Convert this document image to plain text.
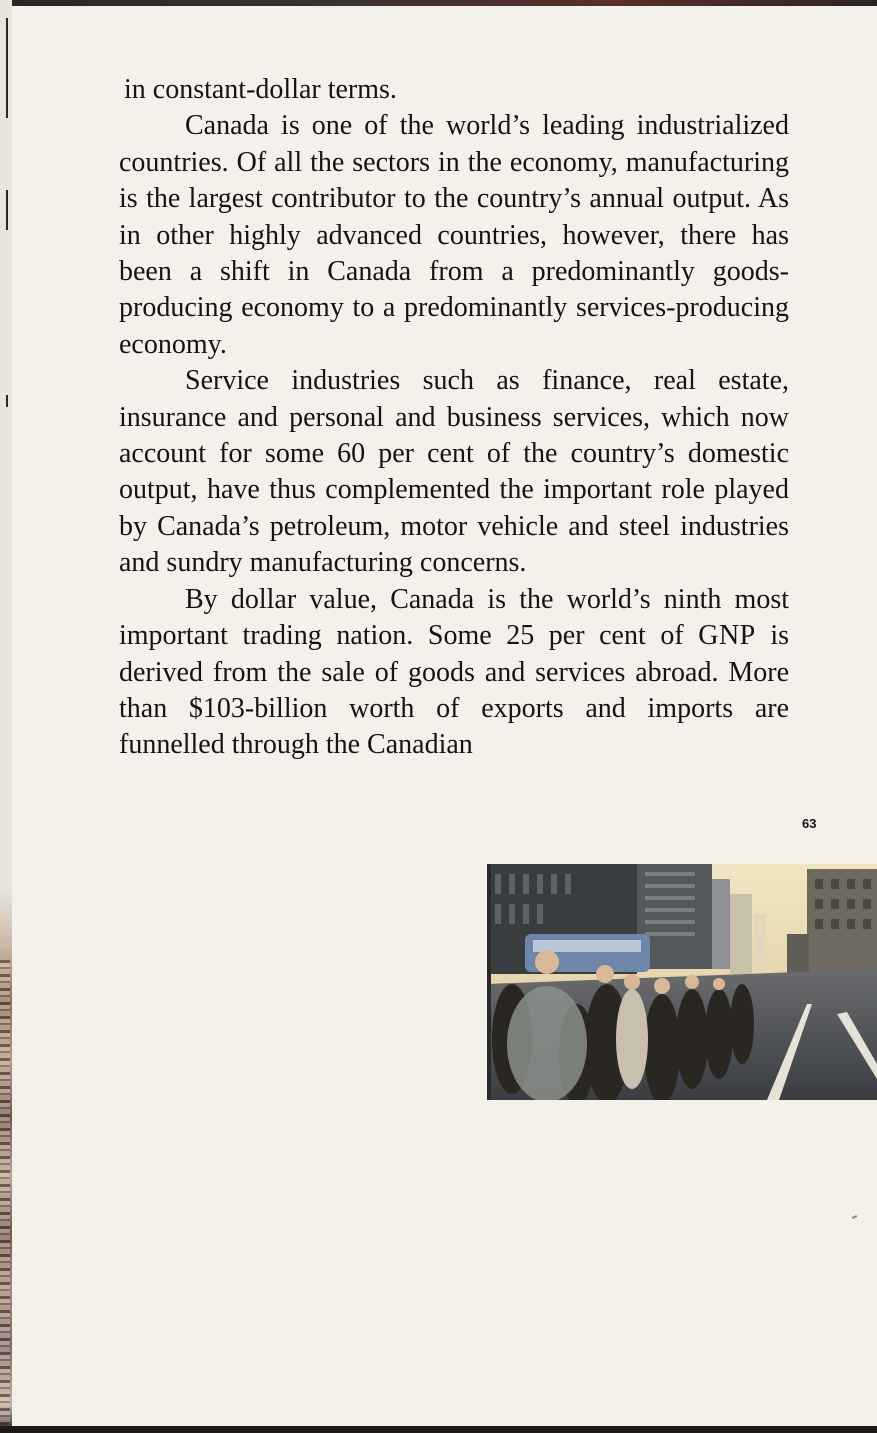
in constant-dollar terms.

Canada is one of the world’s leading industrialized countries. Of all the sectors in the economy, manufacturing is the largest contributor to the country’s annual output. As in other highly advanced countries, however, there has been a shift in Canada from a predominantly goods-producing economy to a predominantly services-producing economy.

Service industries such as finance, real estate, insurance and personal and business services, which now account for some 60 per cent of the country’s domestic output, have thus complemented the important role played by Canada’s petroleum, motor vehicle and steel industries and sundry manufacturing concerns.

By dollar value, Canada is the world’s ninth most important trading nation. Some 25 per cent of GNP is derived from the sale of goods and services abroad. More than $103-billion worth of exports and imports are funnelled through the Canadian

63
